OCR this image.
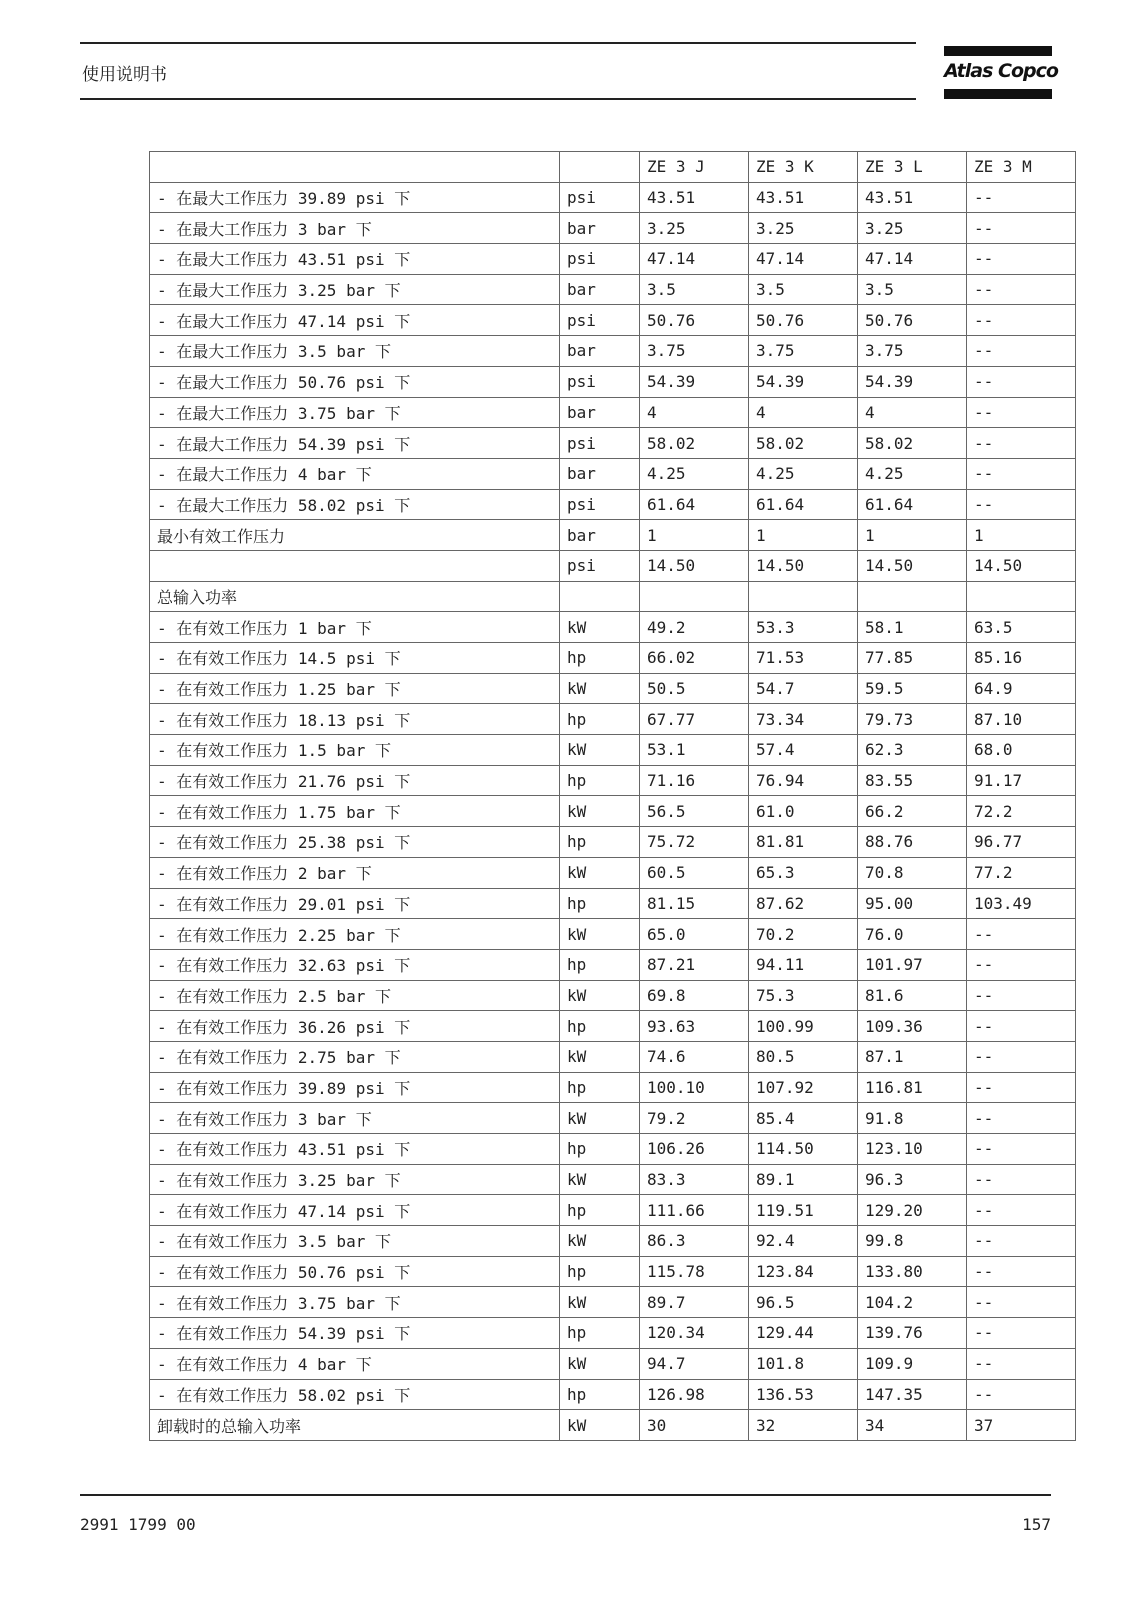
使用说明书	Atlas Copco
		ZE 3 J	ZE 3 K	ZE 3 L	ZE 3 M
- 在最大工作压力 39.89 psi 下	psi	43.51	43.51	43.51	--
- 在最大工作压力 3 bar 下	bar	3.25	3.25	3.25	--
- 在最大工作压力 43.51 psi 下	psi	47.14	47.14	47.14	--
- 在最大工作压力 3.25 bar 下	bar	3.5	3.5	3.5	--
- 在最大工作压力 47.14 psi 下	psi	50.76	50.76	50.76	--
- 在最大工作压力 3.5 bar 下	bar	3.75	3.75	3.75	--
- 在最大工作压力 50.76 psi 下	psi	54.39	54.39	54.39	--
- 在最大工作压力 3.75 bar 下	bar	4	4	4	--
- 在最大工作压力 54.39 psi 下	psi	58.02	58.02	58.02	--
- 在最大工作压力 4 bar 下	bar	4.25	4.25	4.25	--
- 在最大工作压力 58.02 psi 下	psi	61.64	61.64	61.64	--
最小有效工作压力	bar	1	1	1	1
	psi	14.50	14.50	14.50	14.50
总输入功率					
- 在有效工作压力 1 bar 下	kW	49.2	53.3	58.1	63.5
- 在有效工作压力 14.5 psi 下	hp	66.02	71.53	77.85	85.16
- 在有效工作压力 1.25 bar 下	kW	50.5	54.7	59.5	64.9
- 在有效工作压力 18.13 psi 下	hp	67.77	73.34	79.73	87.10
- 在有效工作压力 1.5 bar 下	kW	53.1	57.4	62.3	68.0
- 在有效工作压力 21.76 psi 下	hp	71.16	76.94	83.55	91.17
- 在有效工作压力 1.75 bar 下	kW	56.5	61.0	66.2	72.2
- 在有效工作压力 25.38 psi 下	hp	75.72	81.81	88.76	96.77
- 在有效工作压力 2 bar 下	kW	60.5	65.3	70.8	77.2
- 在有效工作压力 29.01 psi 下	hp	81.15	87.62	95.00	103.49
- 在有效工作压力 2.25 bar 下	kW	65.0	70.2	76.0	--
- 在有效工作压力 32.63 psi 下	hp	87.21	94.11	101.97	--
- 在有效工作压力 2.5 bar 下	kW	69.8	75.3	81.6	--
- 在有效工作压力 36.26 psi 下	hp	93.63	100.99	109.36	--
- 在有效工作压力 2.75 bar 下	kW	74.6	80.5	87.1	--
- 在有效工作压力 39.89 psi 下	hp	100.10	107.92	116.81	--
- 在有效工作压力 3 bar 下	kW	79.2	85.4	91.8	--
- 在有效工作压力 43.51 psi 下	hp	106.26	114.50	123.10	--
- 在有效工作压力 3.25 bar 下	kW	83.3	89.1	96.3	--
- 在有效工作压力 47.14 psi 下	hp	111.66	119.51	129.20	--
- 在有效工作压力 3.5 bar 下	kW	86.3	92.4	99.8	--
- 在有效工作压力 50.76 psi 下	hp	115.78	123.84	133.80	--
- 在有效工作压力 3.75 bar 下	kW	89.7	96.5	104.2	--
- 在有效工作压力 54.39 psi 下	hp	120.34	129.44	139.76	--
- 在有效工作压力 4 bar 下	kW	94.7	101.8	109.9	--
- 在有效工作压力 58.02 psi 下	hp	126.98	136.53	147.35	--
卸载时的总输入功率	kW	30	32	34	37
2991 1799 00	157
